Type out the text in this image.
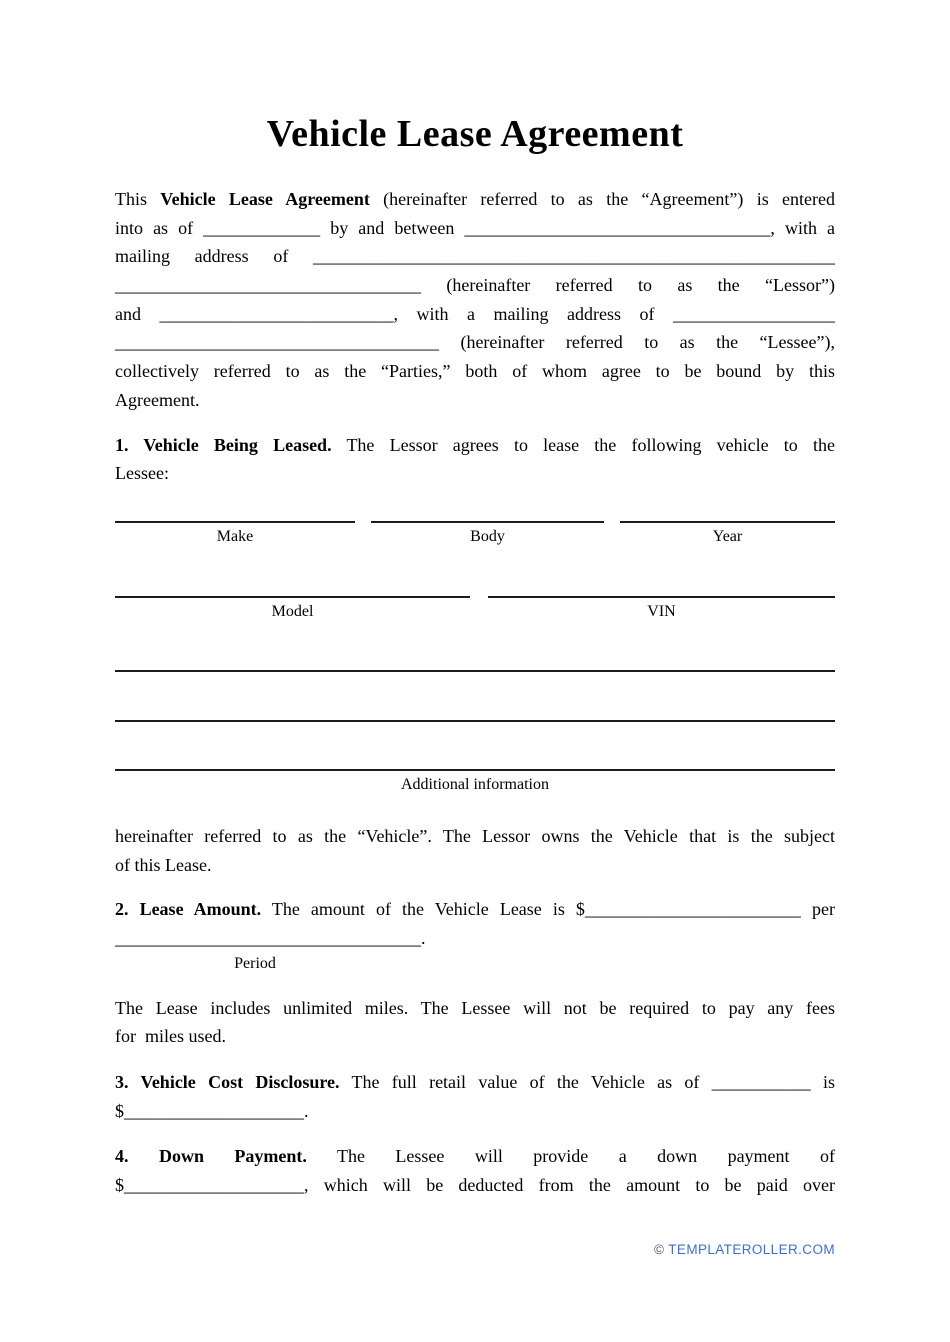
Vehicle Lease Agreement
This Vehicle Lease Agreement (hereinafter referred to as the “Agreement”) is entered
into as of _____________ by and between __________________________________, with a
mailing address of __________________________________________________________
__________________________________ (hereinafter referred to as the “Lessor”)
and __________________________, with a mailing address of __________________
____________________________________ (hereinafter referred to as the “Lessee”),
collectively referred to as the “Parties,” both of whom agree to be bound by this
Agreement.
1. Vehicle Being Leased. The Lessor agrees to lease the following vehicle to the
Lessee:
Make	Body	Year
Model	VIN
Additional information
hereinafter referred to as the “Vehicle”. The Lessor owns the Vehicle that is the subject
of this Lease.
2. Lease Amount. The amount of the Vehicle Lease is $________________________ per
__________________________________.
Period
The Lease includes unlimited miles. The Lessee will not be required to pay any fees
for  miles used.
3. Vehicle Cost Disclosure. The full retail value of the Vehicle as of ___________ is
$____________________.
4. Down Payment. The Lessee will provide a down payment of
$____________________, which will be deducted from the amount to be paid over
© TEMPLATEROLLER.COM
